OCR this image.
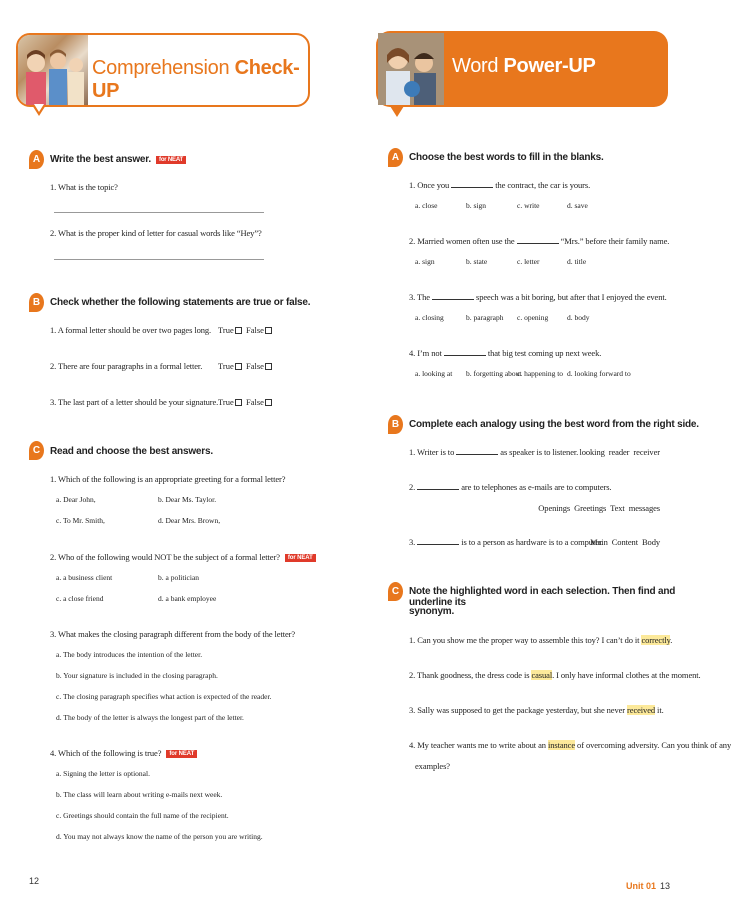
Comprehension Check-UP
Word Power-UP
A Write the best answer. for NEAT
1. What is the topic?
2. What is the proper kind of letter for casual words like “Hey”?
B Check whether the following statements are true or false.
1. A formal letter should be over two pages long. True False
2. There are four paragraphs in a formal letter. True False
3. The last part of a letter should be your signature. True False
C Read and choose the best answers.
1. Which of the following is an appropriate greeting for a formal letter?
a. Dear John,	b. Dear Ms. Taylor.
c. To Mr. Smith,	d. Dear Mrs. Brown,
2. Who of the following would NOT be the subject of a formal letter? for NEAT
a. a business client	b. a politician
c. a close friend	d. a bank employee
3. What makes the closing paragraph different from the body of the letter?
a. The body introduces the intention of the letter.
b. Your signature is included in the closing paragraph.
c. The closing paragraph specifies what action is expected of the reader.
d. The body of the letter is always the longest part of the letter.
4. Which of the following is true? for NEAT
a. Signing the letter is optional.
b. The class will learn about writing e-mails next week.
c. Greetings should contain the full name of the recipient.
d. You may not always know the name of the person you are writing.
A Choose the best words to fill in the blanks.
1. Once you	the contract, the car is yours.
a. close	b. sign	c. write	d. save
2. Married women often use the	“Mrs.” before their family name.
a. sign	b. state	c. letter	d. title
3. The	speech was a bit boring, but after that I enjoyed the event.
a. closing	b. paragraph c. opening	d. body
4. I’m not	that big test coming up next week.
a. looking at b. forgetting about
c. happening to d. looking forward to
B Complete each analogy using the best word from the right side.
1. Writer is to	as speaker is to listener. looking reader receiver
2.	are to telephones as e-mails are to computers.
Openings Greetings Text messages
3.	is to a person as hardware is to a computer.
Main Content Body
C Note the highlighted word in each selection. Then find and underline its
synonym.
1. Can you show me the proper way to assemble this toy? I can’t do it correctly.
2. Thank goodness, the dress code is casual. I only have informal clothes at the moment.
3. Sally was supposed to get the package yesterday, but she never received it.
4. My teacher wants me to write about an instance of overcoming adversity. Can you think of any
examples?
12	Unit 01 13
